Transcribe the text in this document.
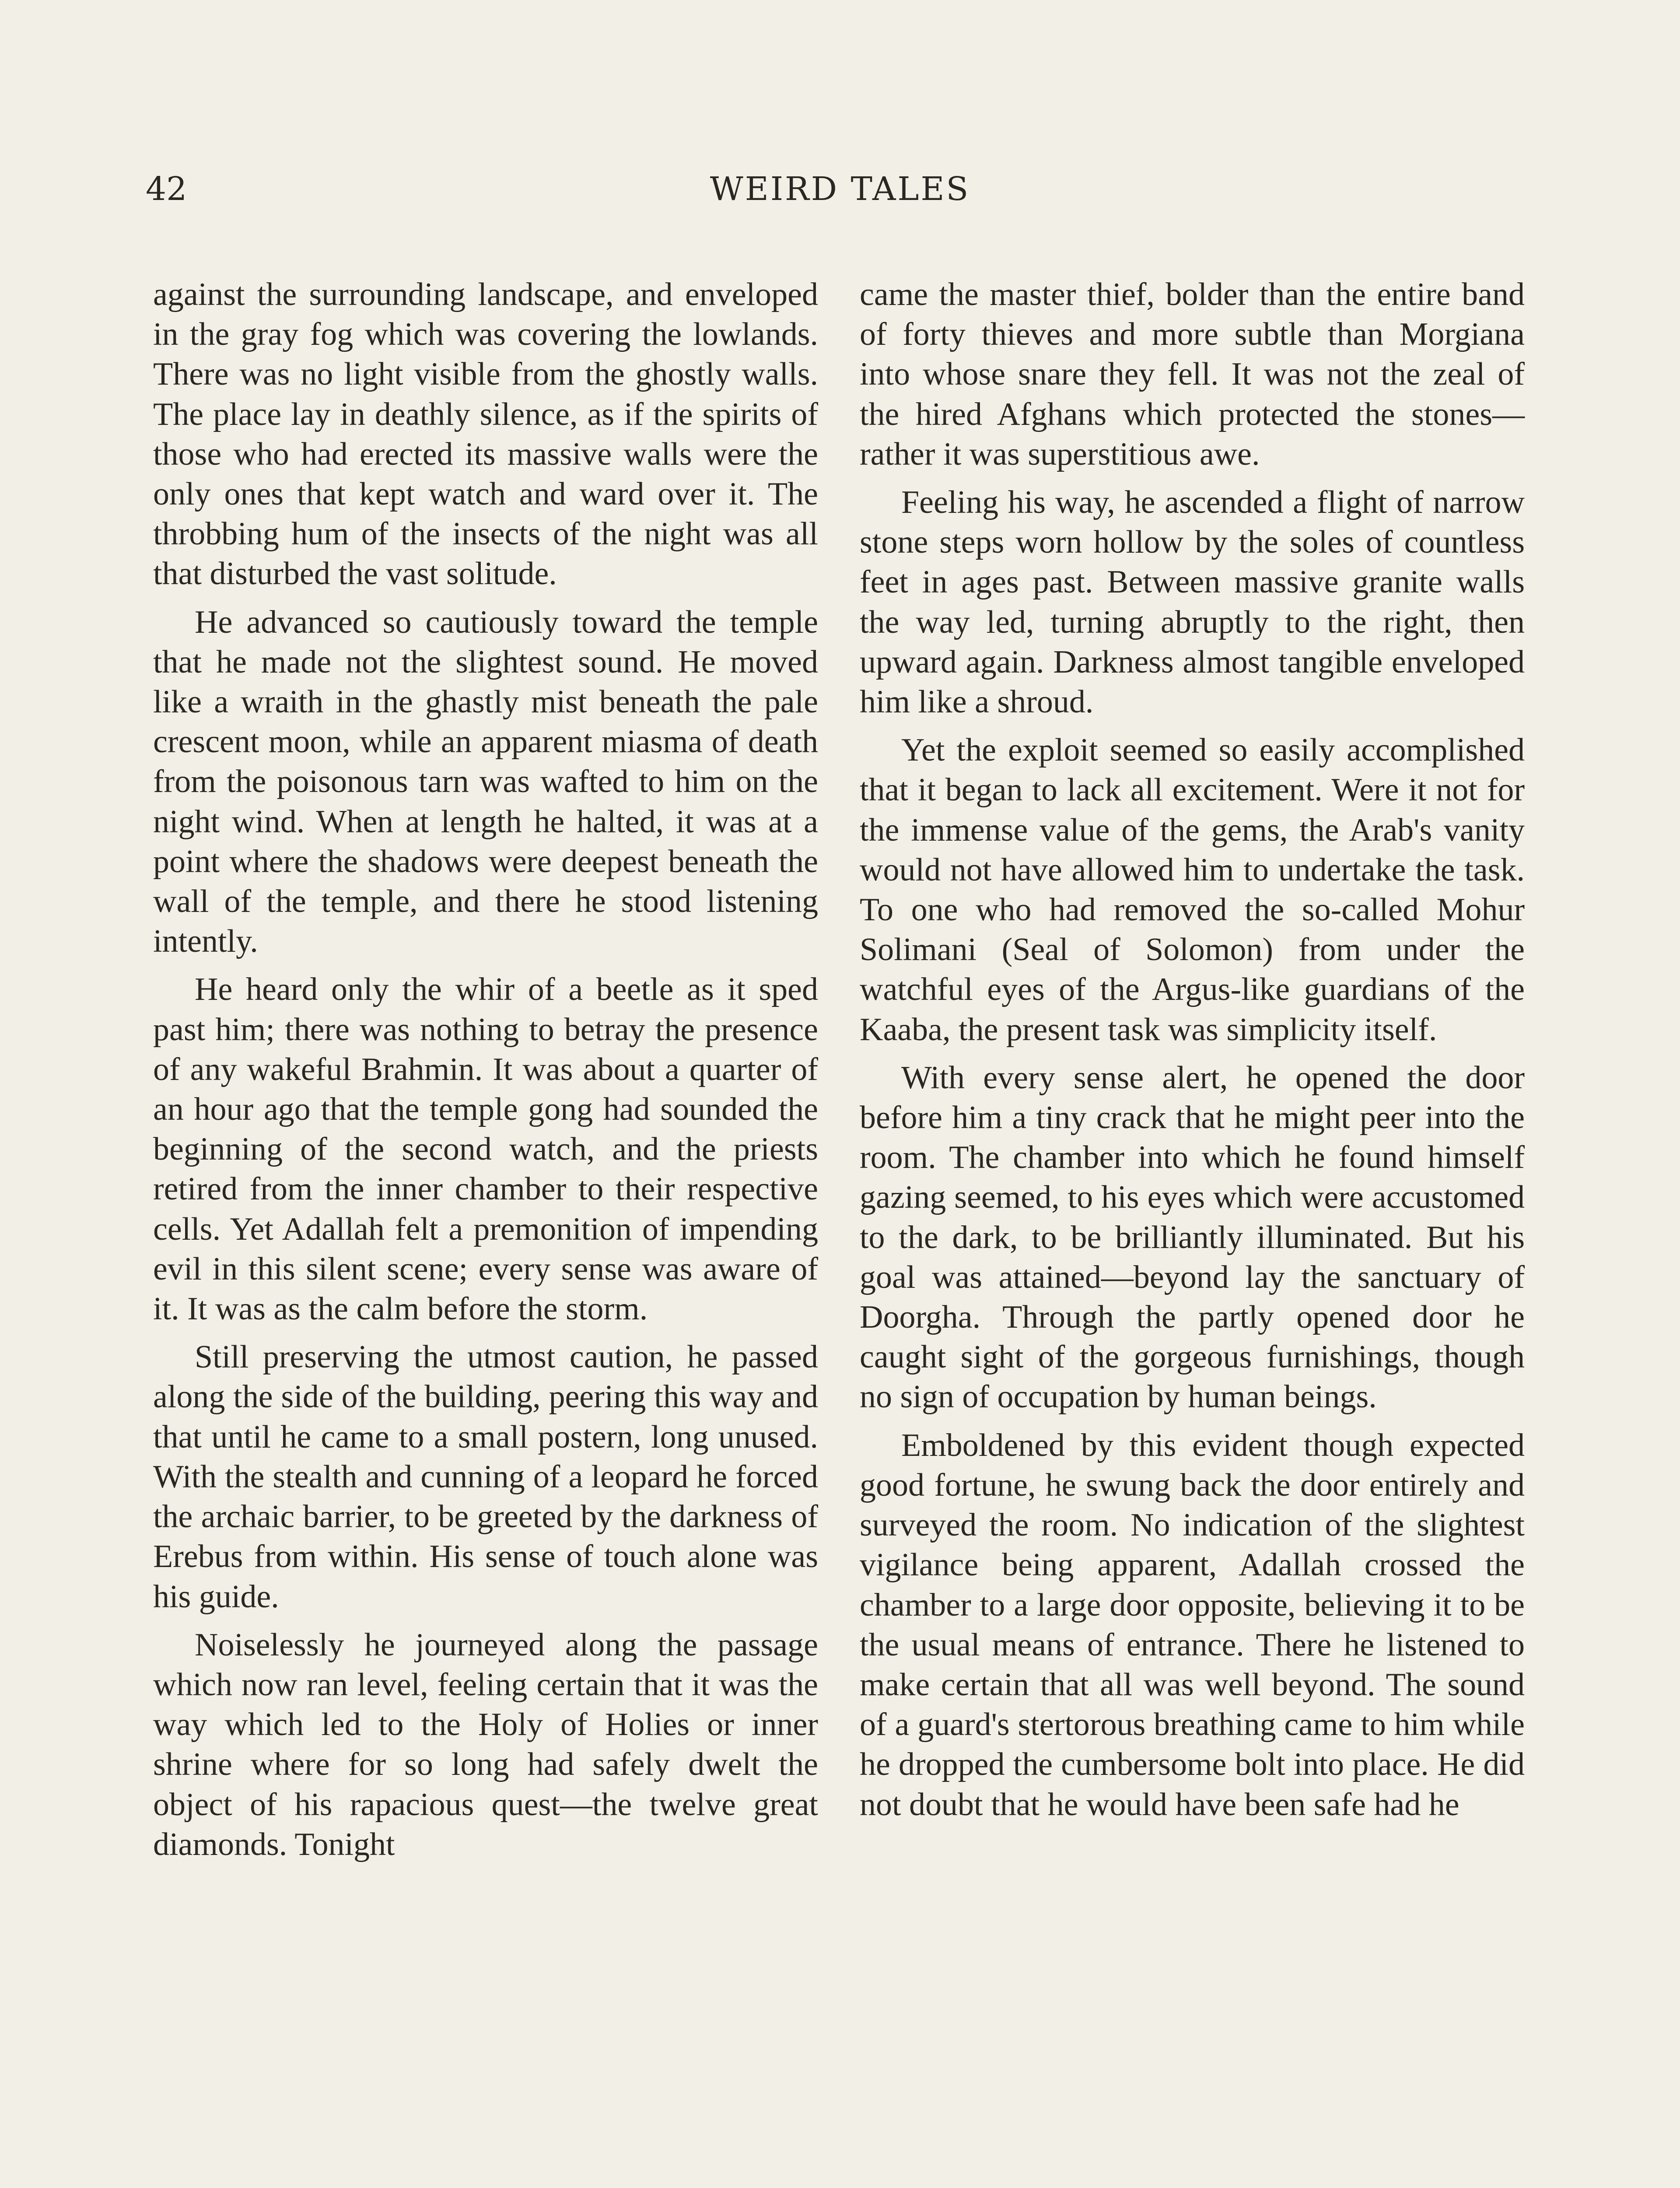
42	WEIRD TALES

against the surrounding landscape, and enveloped in the gray fog which was covering the lowlands. There was no light visible from the ghostly walls. The place lay in deathly silence, as if the spirits of those who had erected its massive walls were the only ones that kept watch and ward over it. The throbbing hum of the insects of the night was all that disturbed the vast solitude.

He advanced so cautiously toward the temple that he made not the slightest sound. He moved like a wraith in the ghastly mist beneath the pale crescent moon, while an apparent miasma of death from the poisonous tarn was wafted to him on the night wind. When at length he halted, it was at a point where the shadows were deepest beneath the wall of the temple, and there he stood listening intently.

He heard only the whir of a beetle as it sped past him; there was nothing to betray the presence of any wakeful Brahmin. It was about a quarter of an hour ago that the temple gong had sounded the beginning of the second watch, and the priests retired from the inner chamber to their respective cells. Yet Adallah felt a premonition of impending evil in this silent scene; every sense was aware of it. It was as the calm before the storm.

Still preserving the utmost caution, he passed along the side of the building, peering this way and that until he came to a small postern, long unused. With the stealth and cunning of a leopard he forced the archaic barrier, to be greeted by the darkness of Erebus from within. His sense of touch alone was his guide.

Noiselessly he journeyed along the passage which now ran level, feeling certain that it was the way which led to the Holy of Holies or inner shrine where for so long had safely dwelt the object of his rapacious quest—the twelve great diamonds. Tonight

came the master thief, bolder than the entire band of forty thieves and more subtle than Morgiana into whose snare they fell. It was not the zeal of the hired Afghans which protected the stones—rather it was superstitious awe.

Feeling his way, he ascended a flight of narrow stone steps worn hollow by the soles of countless feet in ages past. Between massive granite walls the way led, turning abruptly to the right, then upward again. Darkness almost tangible enveloped him like a shroud.

Yet the exploit seemed so easily accomplished that it began to lack all excitement. Were it not for the immense value of the gems, the Arab's vanity would not have allowed him to undertake the task. To one who had removed the so-called Mohur Solimani (Seal of Solomon) from under the watchful eyes of the Argus-like guardians of the Kaaba, the present task was simplicity itself.

With every sense alert, he opened the door before him a tiny crack that he might peer into the room. The chamber into which he found himself gazing seemed, to his eyes which were accustomed to the dark, to be brilliantly illuminated. But his goal was attained—beyond lay the sanctuary of Doorgha. Through the partly opened door he caught sight of the gorgeous furnishings, though no sign of occupation by human beings.

Emboldened by this evident though expected good fortune, he swung back the door entirely and surveyed the room. No indication of the slightest vigilance being apparent, Adallah crossed the chamber to a large door opposite, believing it to be the usual means of entrance. There he listened to make certain that all was well beyond. The sound of a guard's stertorous breathing came to him while he dropped the cumbersome bolt into place. He did not doubt that he would have been safe had he
